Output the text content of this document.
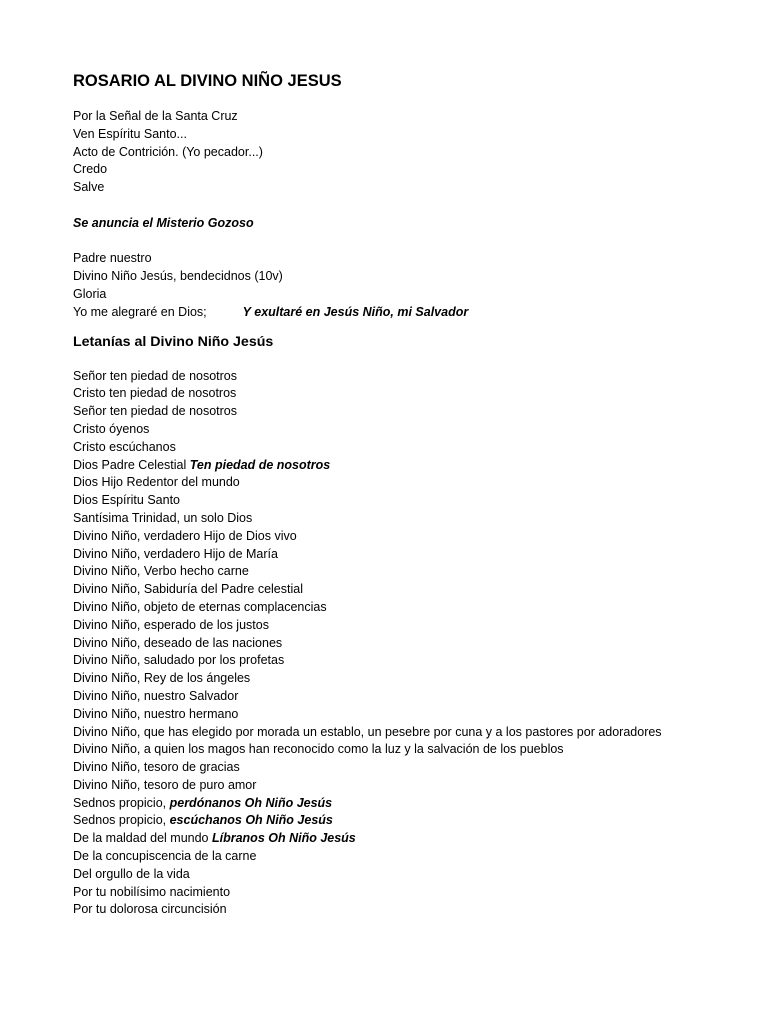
ROSARIO AL DIVINO NIÑO JESUS

Por la Señal de la Santa Cruz

Ven Espíritu Santo...

Acto de Contrición. (Yo pecador...)

Credo

Salve

Se anuncia el Misterio Gozoso

Padre nuestro

Divino Niño Jesús, bendecidnos (10v)

Gloria

Yo me alegraré en Dios;	Y exultaré en Jesús Niño, mi Salvador

Letanías al Divino Niño Jesús

Señor ten piedad de nosotros

Cristo ten piedad de nosotros

Señor ten piedad de nosotros

Cristo óyenos

Cristo escúchanos

Dios Padre Celestial Ten piedad de nosotros

Dios Hijo Redentor del mundo

Dios Espíritu Santo

Santísima Trinidad, un solo Dios

Divino Niño, verdadero Hijo de Dios vivo

Divino Niño, verdadero Hijo de María

Divino Niño, Verbo hecho carne

Divino Niño, Sabiduría del Padre celestial

Divino Niño, objeto de eternas complacencias

Divino Niño, esperado de los justos

Divino Niño, deseado de las naciones

Divino Niño, saludado por los profetas

Divino Niño, Rey de los ángeles

Divino Niño, nuestro Salvador

Divino Niño, nuestro hermano

Divino Niño, que has elegido por morada un establo, un pesebre por cuna y a los pastores por adoradores

Divino Niño, a quien los magos han reconocido como la luz y la salvación de los pueblos

Divino Niño, tesoro de gracias

Divino Niño, tesoro de puro amor

Sednos propicio, perdónanos Oh Niño Jesús

Sednos propicio, escúchanos Oh Niño Jesús

De la maldad del mundo Líbranos Oh Niño Jesús

De la concupiscencia de la carne

Del orgullo de la vida

Por tu nobilísimo nacimiento

Por tu dolorosa circuncisión
